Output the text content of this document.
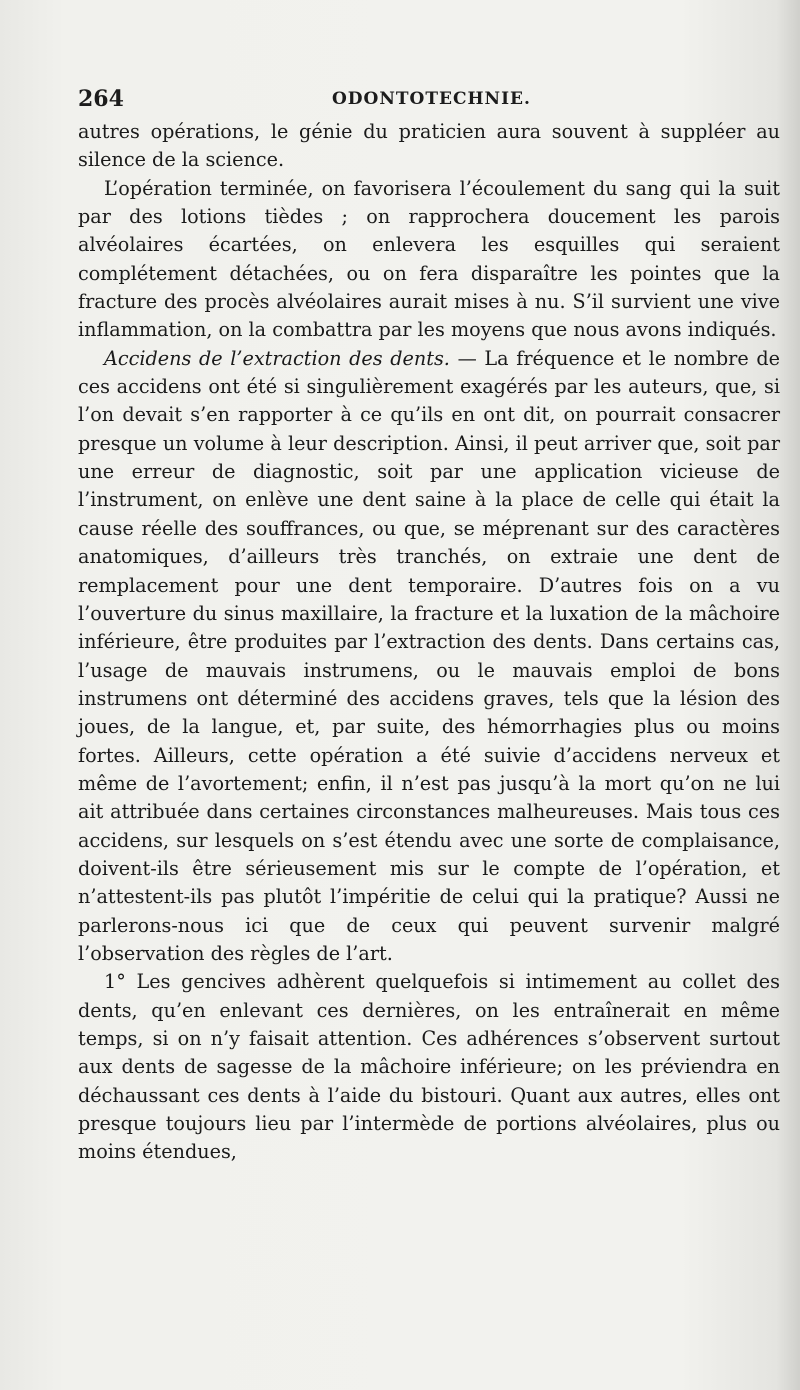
264	ODONTOTECHNIE.

autres opérations, le génie du praticien aura souvent à suppléer au silence de la science.

L’opération terminée, on favorisera l’écoulement du sang qui la suit par des lotions tièdes ; on rapprochera doucement les parois alvéolaires écartées, on enlevera les esquilles qui seraient complétement détachées, ou on fera disparaître les pointes que la fracture des procès alvéolaires aurait mises à nu. S’il survient une vive inflammation, on la combattra par les moyens que nous avons indiqués.

Accidens de l’extraction des dents. — La fréquence et le nombre de ces accidens ont été si singulièrement exagérés par les auteurs, que, si l’on devait s’en rapporter à ce qu’ils en ont dit, on pourrait consacrer presque un volume à leur description. Ainsi, il peut arriver que, soit par une erreur de diagnostic, soit par une application vicieuse de l’instrument, on enlève une dent saine à la place de celle qui était la cause réelle des souffrances, ou que, se méprenant sur des caractères anatomiques, d’ailleurs très tranchés, on extraie une dent de remplacement pour une dent temporaire. D’autres fois on a vu l’ouverture du sinus maxillaire, la fracture et la luxation de la mâchoire inférieure, être produites par l’extraction des dents. Dans certains cas, l’usage de mauvais instrumens, ou le mauvais emploi de bons instrumens ont déterminé des accidens graves, tels que la lésion des joues, de la langue, et, par suite, des hémorrhagies plus ou moins fortes. Ailleurs, cette opération a été suivie d’accidens nerveux et même de l’avortement; enfin, il n’est pas jusqu’à la mort qu’on ne lui ait attribuée dans certaines circonstances malheureuses. Mais tous ces accidens, sur lesquels on s’est étendu avec une sorte de complaisance, doivent-ils être sérieusement mis sur le compte de l’opération, et n’attestent-ils pas plutôt l’impéritie de celui qui la pratique? Aussi ne parlerons-nous ici que de ceux qui peuvent survenir malgré l’observation des règles de l’art.

1° Les gencives adhèrent quelquefois si intimement au collet des dents, qu’en enlevant ces dernières, on les entraînerait en même temps, si on n’y faisait attention. Ces adhérences s’observent surtout aux dents de sagesse de la mâchoire inférieure; on les préviendra en déchaussant ces dents à l’aide du bistouri. Quant aux autres, elles ont presque toujours lieu par l’intermède de portions alvéolaires, plus ou moins étendues,
